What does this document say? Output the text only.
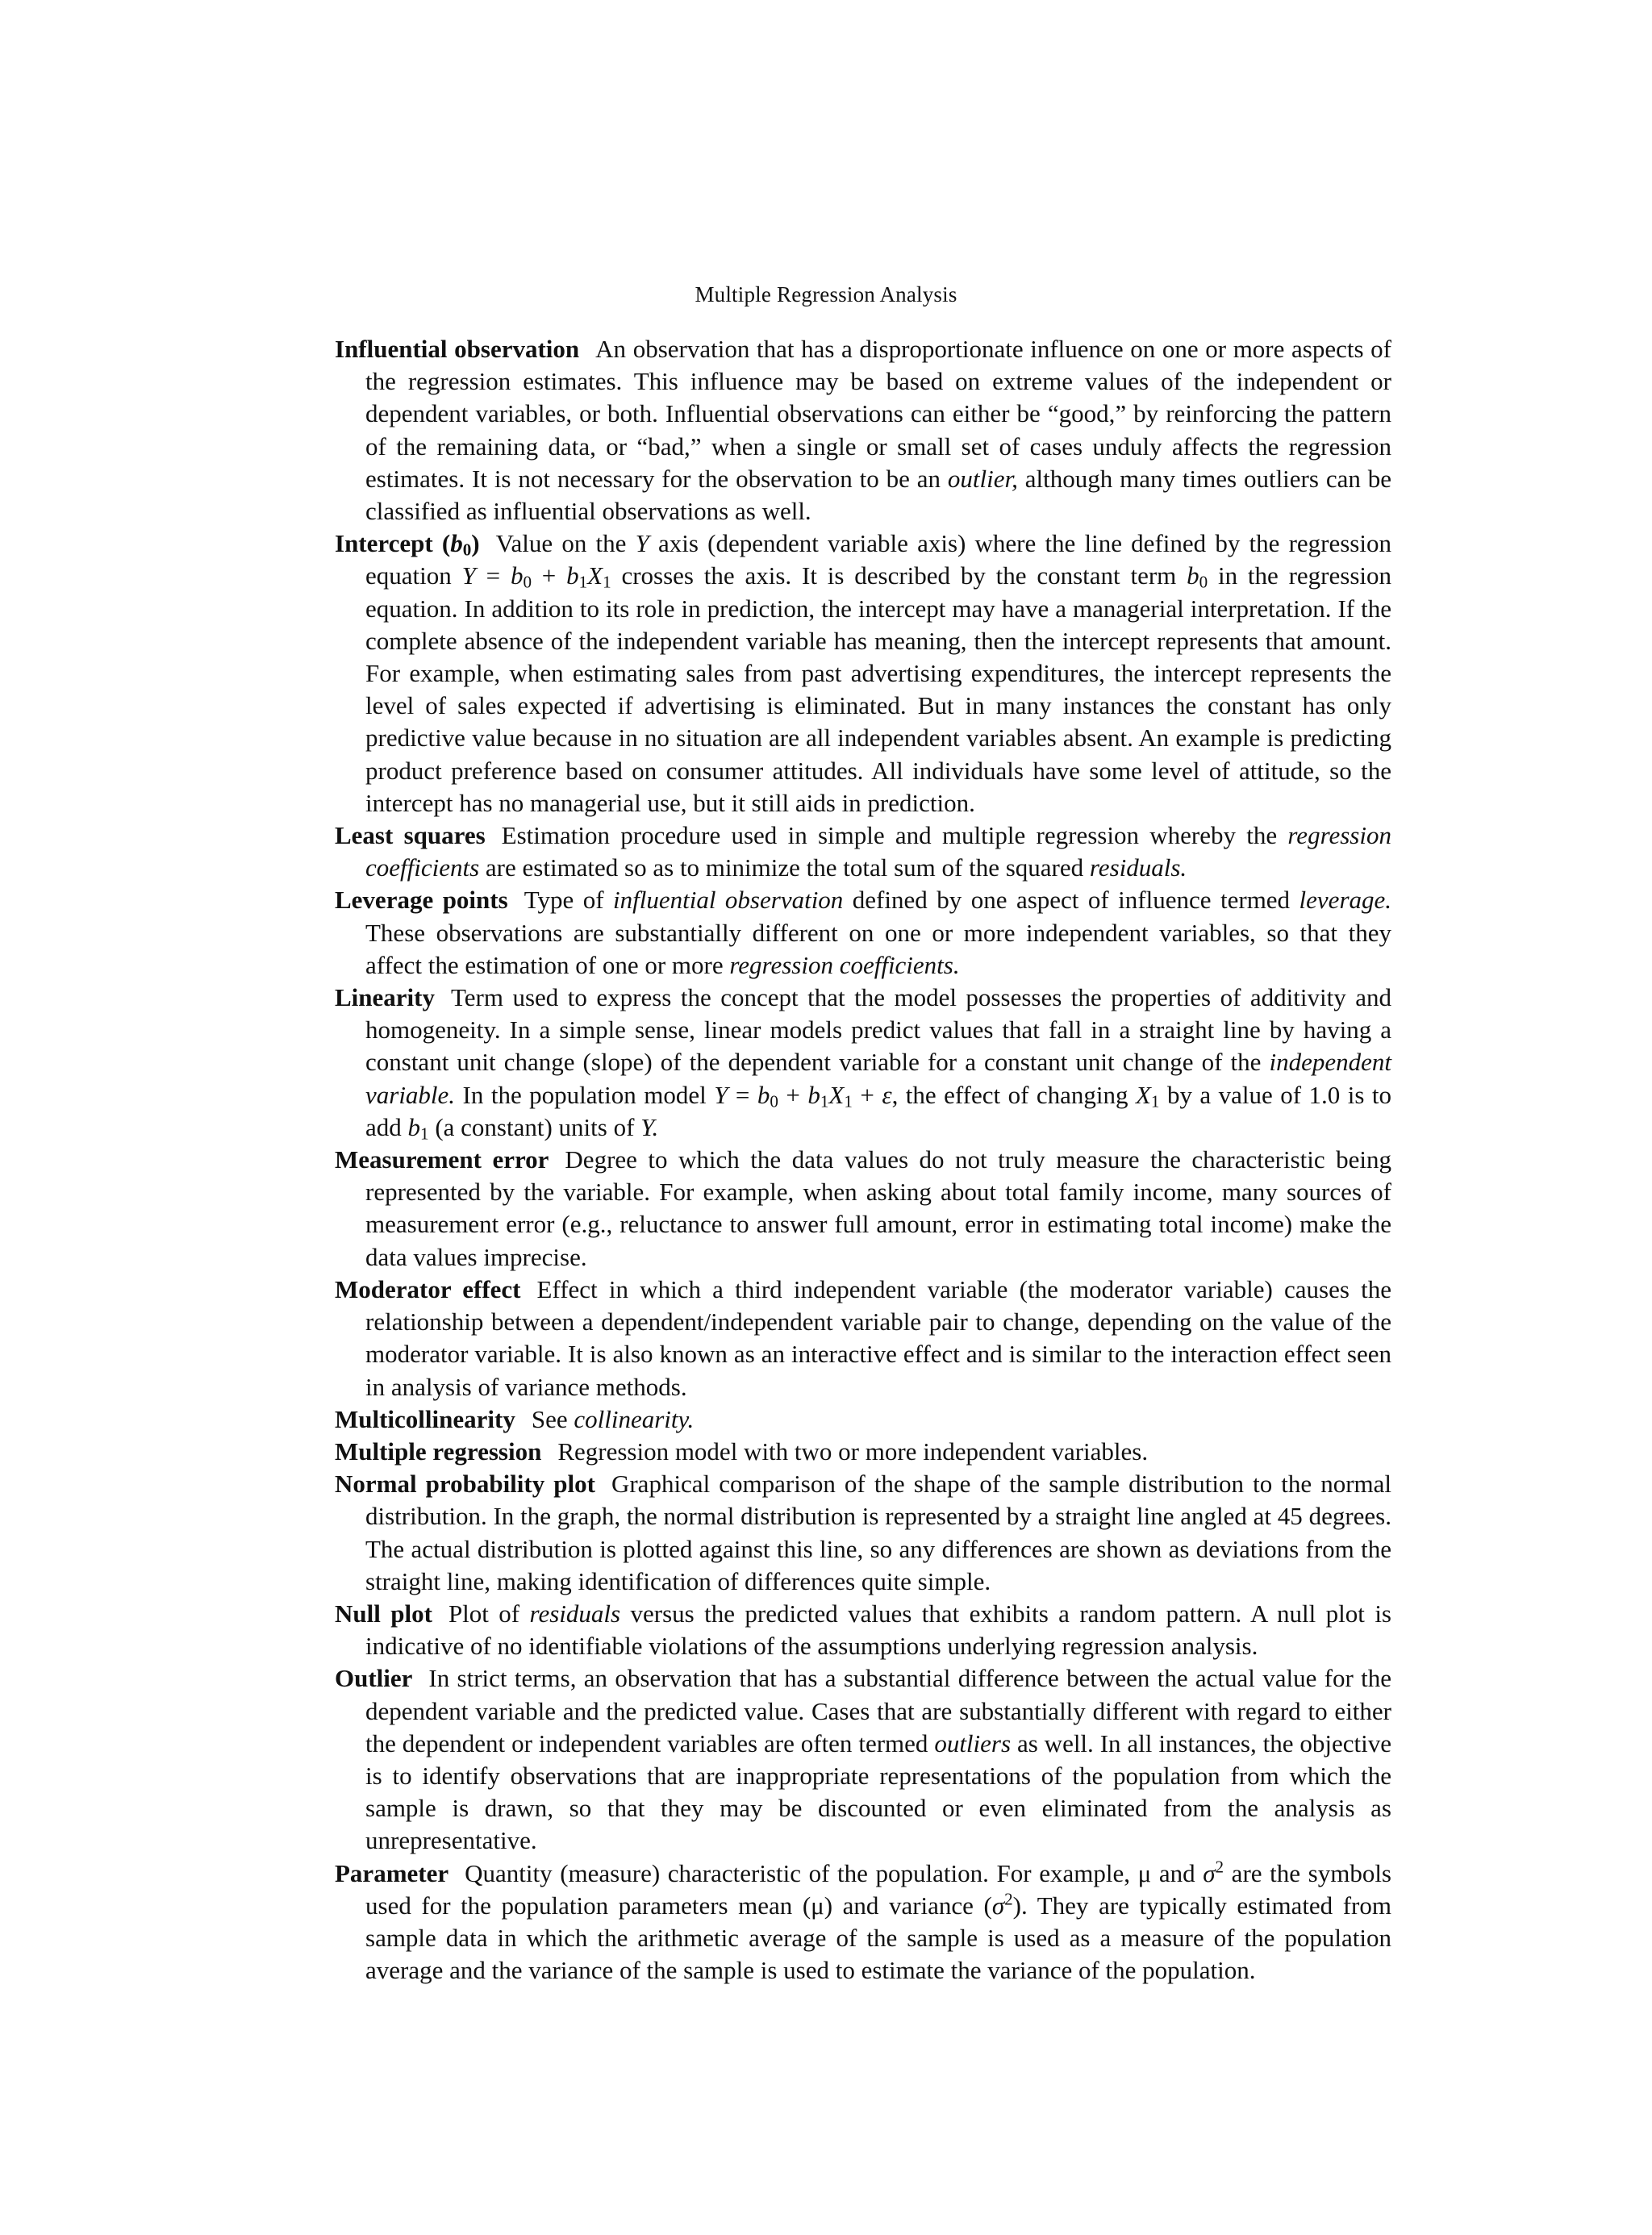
Multiple Regression Analysis

Influential observation An observation that has a disproportionate influence on one or more aspects of the regression estimates. This influence may be based on extreme values of the independent or dependent variables, or both. Influential observations can either be “good,” by reinforcing the pattern of the remaining data, or “bad,” when a single or small set of cases unduly affects the regression estimates. It is not necessary for the observation to be an outlier, although many times outliers can be classified as influential observations as well.

Intercept $(b_0)$ Value on the Y axis (dependent variable axis) where the line defined by the regression equation $Y = b_0 + b_1X_1$ crosses the axis. It is described by the constant term $b_0$ in the regression equation. In addition to its role in prediction, the intercept may have a managerial interpretation. If the complete absence of the independent variable has meaning, then the intercept represents that amount. For example, when estimating sales from past advertising expenditures, the intercept represents the level of sales expected if advertising is eliminated. But in many instances the constant has only predictive value because in no situation are all independent variables absent. An example is predicting product preference based on consumer attitudes. All individuals have some level of attitude, so the intercept has no managerial use, but it still aids in prediction.

Least squares Estimation procedure used in simple and multiple regression whereby the regression coefficients are estimated so as to minimize the total sum of the squared residuals.

Leverage points Type of influential observation defined by one aspect of influence termed leverage. These observations are substantially different on one or more independent variables, so that they affect the estimation of one or more regression coefficients.

Linearity Term used to express the concept that the model possesses the properties of additivity and homogeneity. In a simple sense, linear models predict values that fall in a straight line by having a constant unit change (slope) of the dependent variable for a constant unit change of the independent variable. In the population model $Y = b_0 + b_1X_1 + \varepsilon$, the effect of changing $X_1$ by a value of 1.0 is to add $b_1$ (a constant) units of Y.

Measurement error Degree to which the data values do not truly measure the characteristic being represented by the variable. For example, when asking about total family income, many sources of measurement error (e.g., reluctance to answer full amount, error in estimating total income) make the data values imprecise.

Moderator effect Effect in which a third independent variable (the moderator variable) causes the relationship between a dependent/independent variable pair to change, depending on the value of the moderator variable. It is also known as an interactive effect and is similar to the interaction effect seen in analysis of variance methods.

Multicollinearity See collinearity.

Multiple regression Regression model with two or more independent variables.

Normal probability plot Graphical comparison of the shape of the sample distribution to the normal distribution. In the graph, the normal distribution is represented by a straight line angled at 45 degrees. The actual distribution is plotted against this line, so any differences are shown as deviations from the straight line, making identification of differences quite simple.

Null plot Plot of residuals versus the predicted values that exhibits a random pattern. A null plot is indicative of no identifiable violations of the assumptions underlying regression analysis.

Outlier In strict terms, an observation that has a substantial difference between the actual value for the dependent variable and the predicted value. Cases that are substantially different with regard to either the dependent or independent variables are often termed outliers as well. In all instances, the objective is to identify observations that are inappropriate representations of the population from which the sample is drawn, so that they may be discounted or even eliminated from the analysis as unrepresentative.

Parameter Quantity (measure) characteristic of the population. For example, μ and $\sigma^2$ are the symbols used for the population parameters mean (μ) and variance $(\sigma^2)$. They are typically estimated from sample data in which the arithmetic average of the sample is used as a measure of the population average and the variance of the sample is used to estimate the variance of the population.
